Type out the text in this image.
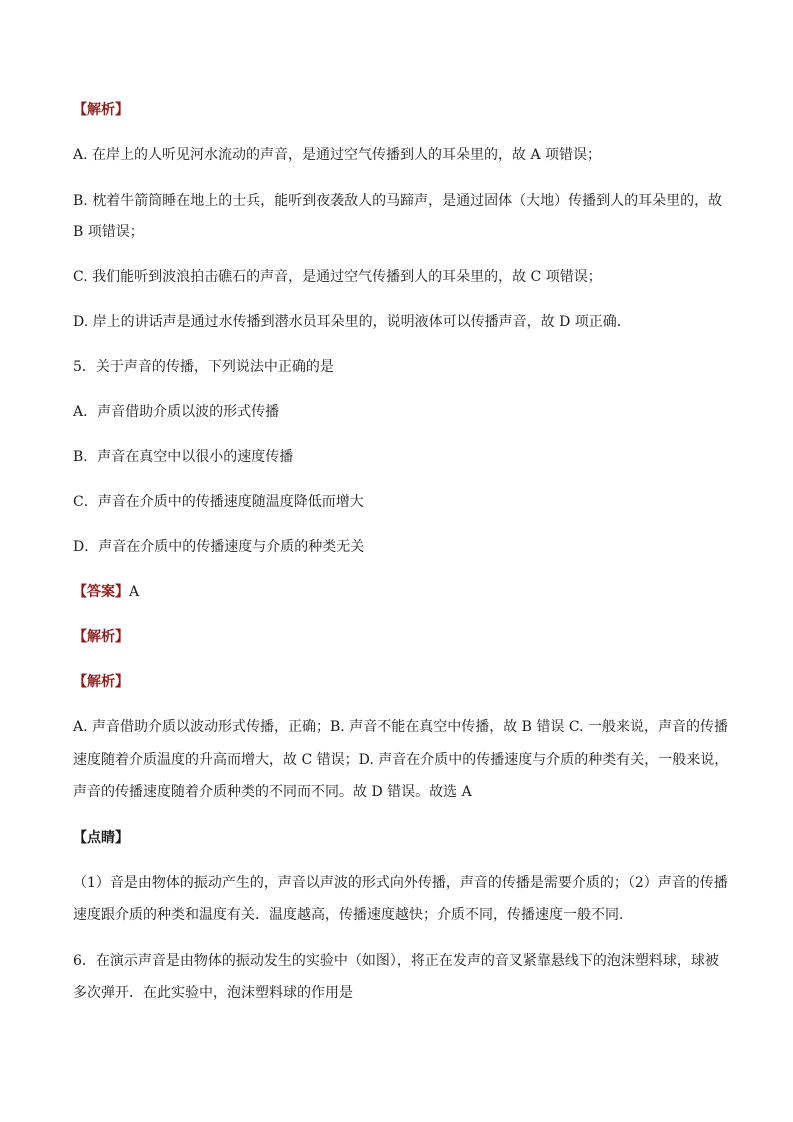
【解析】
A. 在岸上的人听见河水流动的声音，是通过空气传播到人的耳朵里的，故 A 项错误；
B. 枕着牛箭筒睡在地上的士兵，能听到夜袭敌人的马蹄声，是通过固体（大地）传播到人的耳朵里的，故
B 项错误；
C. 我们能听到波浪拍击礁石的声音，是通过空气传播到人的耳朵里的，故 C 项错误；
D. 岸上的讲话声是通过水传播到潜水员耳朵里的，说明液体可以传播声音，故 D 项正确．
5．关于声音的传播，下列说法中正确的是
A．声音借助介质以波的形式传播
B．声音在真空中以很小的速度传播
C．声音在介质中的传播速度随温度降低而增大
D．声音在介质中的传播速度与介质的种类无关
【答案】A
【解析】
【解析】
A. 声音借助介质以波动形式传播，正确；B. 声音不能在真空中传播，故 B 错误 C. 一般来说，声音的传播
速度随着介质温度的升高而增大，故 C 错误；D. 声音在介质中的传播速度与介质的种类有关，一般来说，
声音的传播速度随着介质种类的不同而不同。故 D 错误。故选 A
【点睛】
（1）音是由物体的振动产生的，声音以声波的形式向外传播，声音的传播是需要介质的；（2）声音的传播
速度跟介质的种类和温度有关．温度越高，传播速度越快；介质不同，传播速度一般不同．
6．在演示声音是由物体的振动发生的实验中（如图），将正在发声的音叉紧靠悬线下的泡沫塑料球，球被
多次弹开．在此实验中，泡沫塑料球的作用是
